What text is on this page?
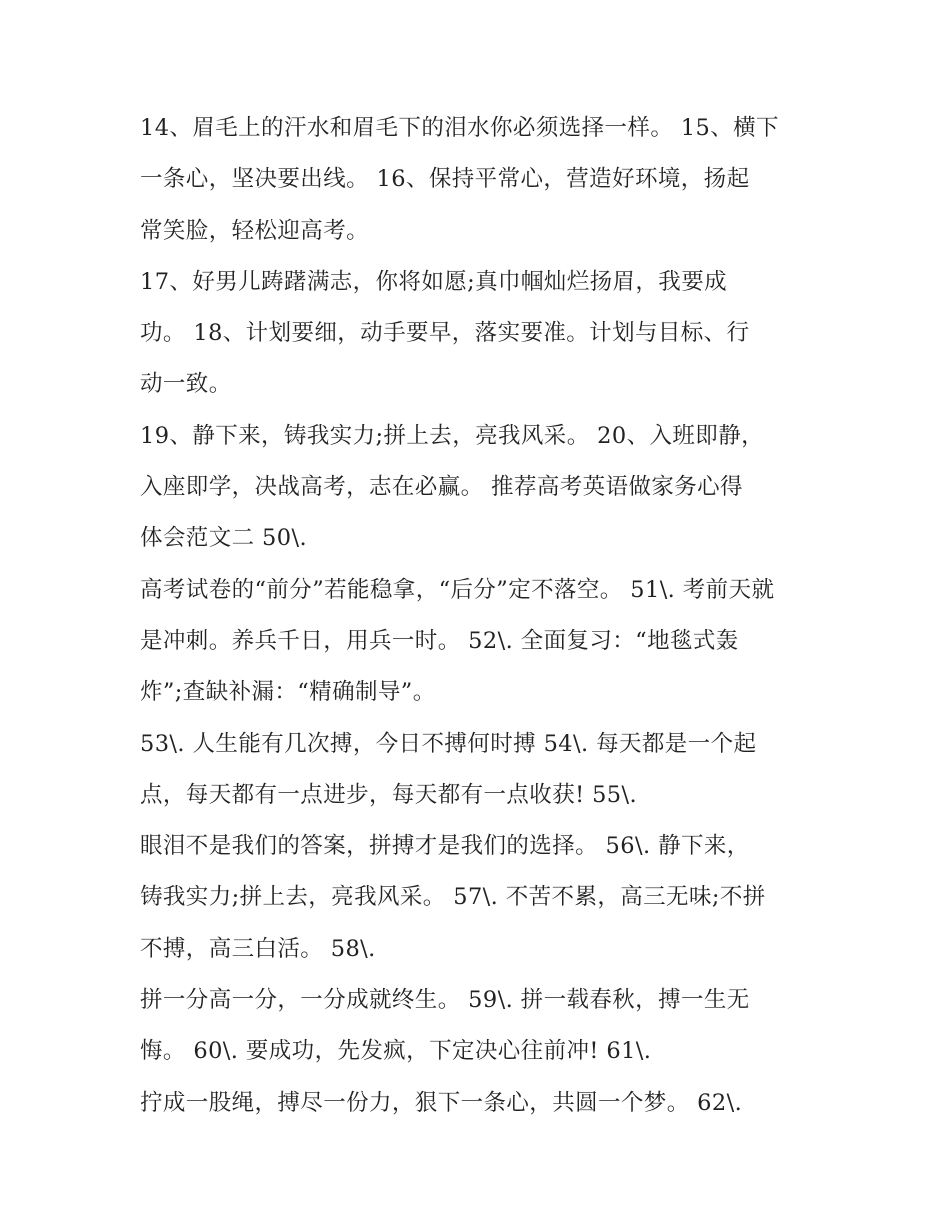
14、眉毛上的汗水和眉毛下的泪水你必须选择一样。 15、横下
一条心，坚决要出线。 16、保持平常心，营造好环境，扬起
常笑脸，轻松迎高考。

17、好男儿踌躇满志，你将如愿;真巾帼灿烂扬眉，我要成
功。 18、计划要细，动手要早，落实要准。计划与目标、行
动一致。

19、静下来，铸我实力;拼上去，亮我风采。 20、入班即静，
入座即学，决战高考，志在必赢。 推荐高考英语做家务心得
体会范文二 50\.

高考试卷的“前分”若能稳拿，“后分”定不落空。 51\. 考前天就
是冲刺。养兵千日，用兵一时。 52\. 全面复习：“地毯式轰
炸”;查缺补漏：“精确制导”。

53\. 人生能有几次搏，今日不搏何时搏 54\. 每天都是一个起
点，每天都有一点进步，每天都有一点收获! 55\.

眼泪不是我们的答案，拼搏才是我们的选择。 56\. 静下来，
铸我实力;拼上去，亮我风采。 57\. 不苦不累，高三无味;不拼
不搏，高三白活。 58\.

拼一分高一分，一分成就终生。 59\. 拼一载春秋，搏一生无
悔。 60\. 要成功，先发疯，下定决心往前冲! 61\.

拧成一股绳，搏尽一份力，狠下一条心，共圆一个梦。 62\.
